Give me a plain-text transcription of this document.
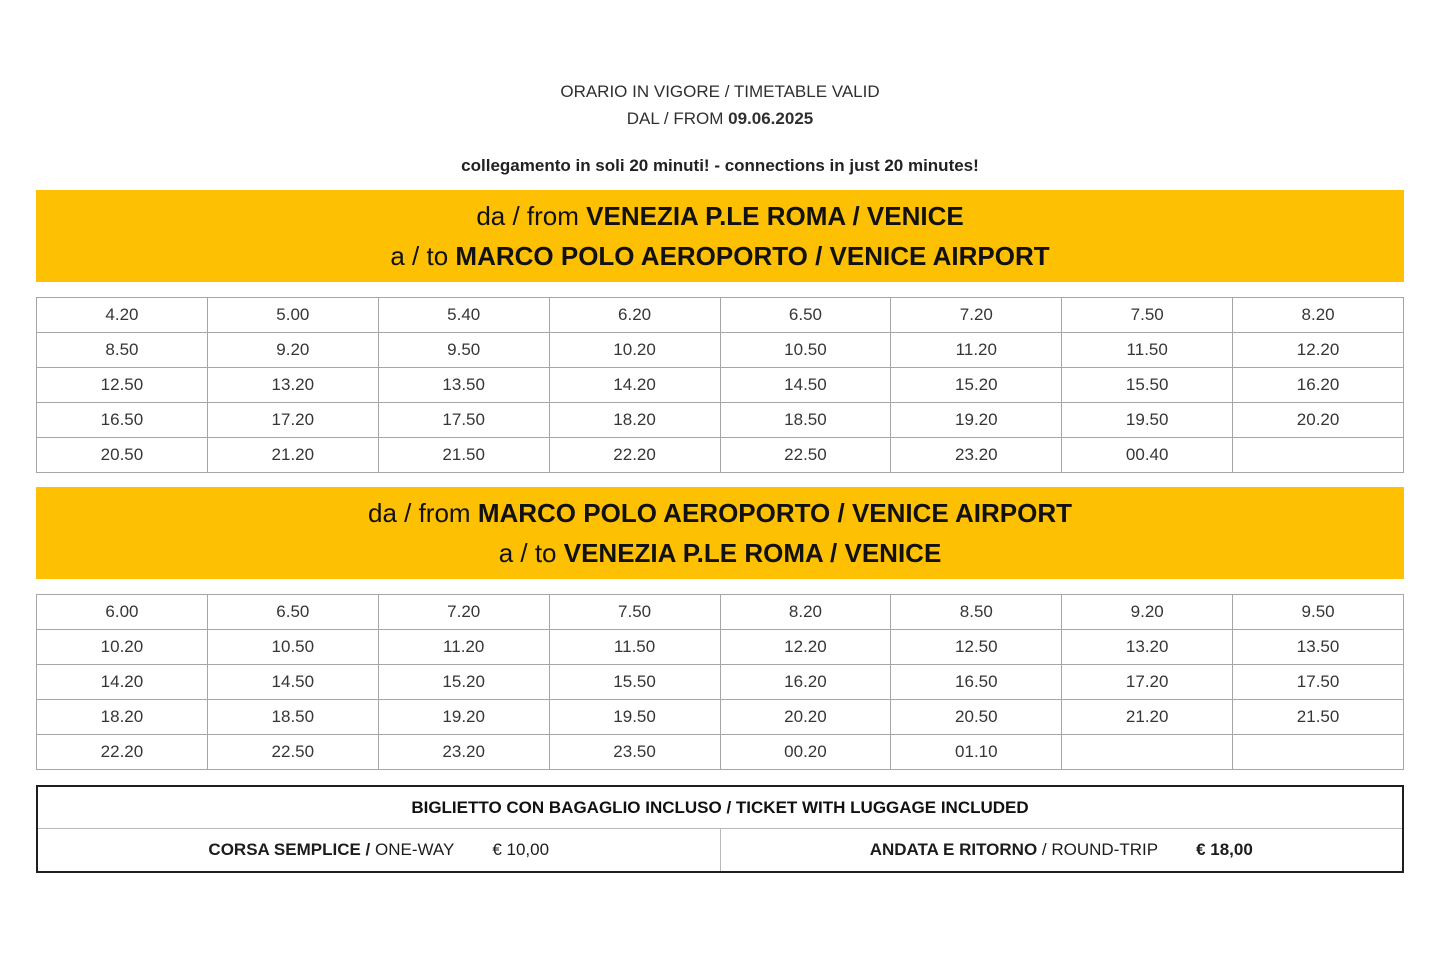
ORARIO IN VIGORE / TIMETABLE VALID
DAL / FROM 09.06.2025
collegamento in soli 20 minuti! - connections in just 20 minutes!
da / from VENEZIA P.LE ROMA / VENICE
a / to MARCO POLO AEROPORTO / VENICE AIRPORT
4.20	5.00	5.40	6.20	6.50	7.20	7.50	8.20
8.50	9.20	9.50	10.20	10.50	11.20	11.50	12.20
12.50	13.20	13.50	14.20	14.50	15.20	15.50	16.20
16.50	17.20	17.50	18.20	18.50	19.20	19.50	20.20
20.50	21.20	21.50	22.20	22.50	23.20	00.40
da / from MARCO POLO AEROPORTO / VENICE AIRPORT
a / to VENEZIA P.LE ROMA / VENICE
6.00	6.50	7.20	7.50	8.20	8.50	9.20	9.50
10.20	10.50	11.20	11.50	12.20	12.50	13.20	13.50
14.20	14.50	15.20	15.50	16.20	16.50	17.20	17.50
18.20	18.50	19.20	19.50	20.20	20.50	21.20	21.50
22.20	22.50	23.20	23.50	00.20	01.10
BIGLIETTO CON BAGAGLIO INCLUSO / TICKET WITH LUGGAGE INCLUDED
CORSA SEMPLICE / ONE-WAY € 10,00	ANDATA E RITORNO / ROUND-TRIP € 18,00
